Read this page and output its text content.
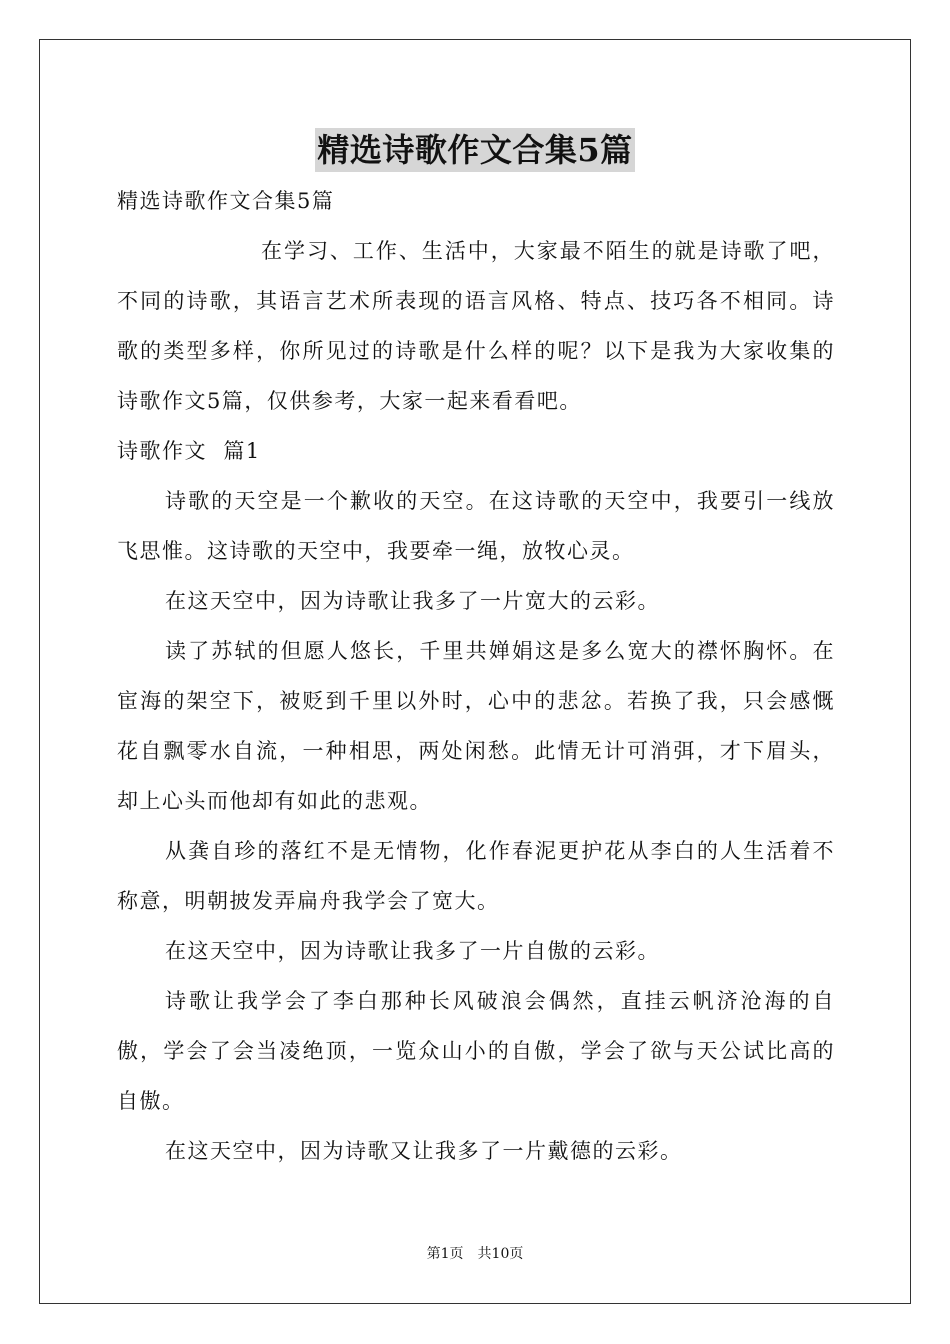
精选诗歌作文合集5篇

精选诗歌作文合集5篇

在学习、工作、生活中，大家最不陌生的就是诗歌了吧，不同的诗歌，其语言艺术所表现的语言风格、特点、技巧各不相同。诗歌的类型多样，你所见过的诗歌是什么样的呢？以下是我为大家收集的诗歌作文5篇，仅供参考，大家一起来看看吧。

诗歌作文  篇1

诗歌的天空是一个歉收的天空。在这诗歌的天空中，我要引一线放飞思惟。这诗歌的天空中，我要牵一绳，放牧心灵。

在这天空中，因为诗歌让我多了一片宽大的云彩。

读了苏轼的但愿人悠长，千里共婵娟这是多么宽大的襟怀胸怀。在宦海的架空下，被贬到千里以外时，心中的悲忿。若换了我，只会感慨花自飘零水自流，一种相思，两处闲愁。此情无计可消弭，才下眉头，却上心头而他却有如此的悲观。

从龚自珍的落红不是无情物，化作春泥更护花从李白的人生活着不称意，明朝披发弄扁舟我学会了宽大。

在这天空中，因为诗歌让我多了一片自傲的云彩。

诗歌让我学会了李白那种长风破浪会偶然，直挂云帆济沧海的自傲，学会了会当凌绝顶，一览众山小的自傲，学会了欲与天公试比高的自傲。

在这天空中，因为诗歌又让我多了一片戴德的云彩。

第1页 共10页
